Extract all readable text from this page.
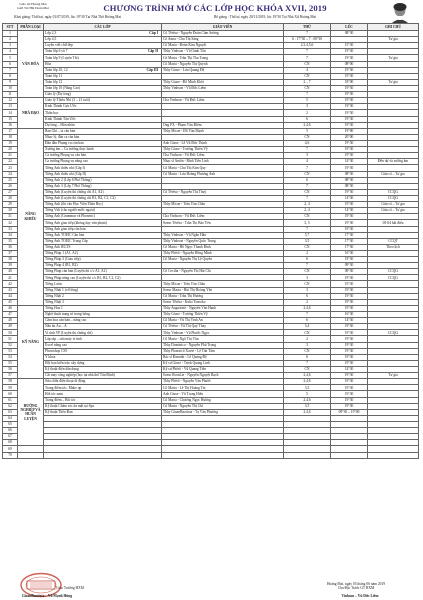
Giáo xứ Hoàng Mai
Giới Trẻ Hải Đoàn Mai	CHƯƠNG TRÌNH MỞ CÁC LỚP HỌC KHÓA XVII, 2019
Khai giảng: Thứ hai, ngày 01/07/2019, lúc 19°30 Tại Nhà Thờ Hoàng Mai	Bế giảng : Thứ tư, ngày 20/11/2019, lúc 19°30 Tại Nhà Xứ Hoàng Mai
STT	PHÂN LOẠI	CÁC LỚP	GIÁO VIÊN	THỨ	LÚC	GHI CHÚ
1	VĂN HÓA	Lớp 2,3 Cấp I	Cô Têrêsa - Nguyễn Đoàn Cẩm Sương	7	08°30	
2		Lớp 4,5	Cô Anna - Chu Thị Sáng	6 : 17°30 – 7 : 08°30		Tư gia
3		Luyện viết chữ đẹp	Cô Maria - Đoàn Kim Nguyệt	2,3,4,5,6	15°30	
4		Toán lớp 6 và 7 Cấp II	Thầy Vinhson - Vũ Oanh Tôn	7	19°30	
5		Toán lớp 9 (Luyện Thi)	Cô Maria - Trần Thị Thu Trang	7	19°30	Tư gia
6		Hóa	Cô Maria - Nguyễn Thị Quỳnh	CN	08°00	
7		Toán lớp 10, 12 Cấp III	Thầy Giuse - Lưu Quang Đệ	4	19°30	
8		Toán lớp 11		CN	19°30	
9		Toán lớp 12	Thầy Giuse - Đỗ Minh Khôi	2 – 7	18°00	Tư gia
10		Toán lớp 10 (Nâng Cao)	Thầy Vinhson - Vũ Đức Liêm	CN	19°30	
11		Giáo lý (Dự tòng)		7	19°30	
12	NHÀ ĐẠO	Giáo lý Thiếu Nhi (3 – 21 tuổi)	Cha Vinhson - Vũ Đức Liêm	5	19°30	
13		Kinh Thánh Cựu Ước		3	19°30	
14		Thần học		2	19°30	
15		Kinh Thánh Tân Ước		6	19°30	
16		Dự tòng – Hôn nhân	Ông FX - Phạm Văn Điểm	2,4,6	19°30	
17	NĂNG KHIẾU	Ban Ghi – ta căn bản	Thầy Micae - Đỗ Văn Mạnh	5	19°00	
18		Nhạc lý, đàn ca căn bản		CN	20°00	
19		Đàn đàn Phụng vụ căn bản	Anh Giuse - Lê Vũ Đức Thịnh	4,6	19°30	
20		Xướng âm – Ca trưởng thực hành	Thầy Giuse - Trương Thiên Vỹ	7	19°30	
21		Ca trưởng Phụng vụ căn bản	Cha Vinhson - Vũ Đức Liêm	3	19°30	
22		Ca trưởng Phụng vụ nâng cao	Nhạc sĩ Antôn - Bình Tiến Linh	4	14°30	Đến dự và xướng âm
23		Tiếng Anh thiếu nhi (Cấp I)	Cô Maria - Chu Thị Kim Quy	7	19°30	
24		Tiếng Anh thiếu nhi (Cấp II)	Cô Maria - Lưu Hoàng Phương Anh	CN	08°30	Giáo sĩ – Tư gia
25		Tiếng Anh 2 (Lớp 6 Phổ Thông)		6	08°30	
26		Tiếng Anh 3 (Lớp 7 Phổ Thông)		7	08°30	
27		Tiếng Anh (Luyện thi chứng chỉ A1, A2)	Cô Têrêsa - Nguyễn Thị Thuý	CN	19°30	CCQG
28		Tiếng Anh (Luyện thi chứng chỉ B1, B2, C1, C2)		7	14°30	CCQG
29		Tiếng Anh (thi vào Học Viện Thần Học)	Thầy Micae - Trần Văn Châu	2, 4	19°30	Giáo sĩ – Tư gia
30		Tiếng Việt (cho người nước ngoài)		2, 4	14°30	Giáo sĩ – Tư gia
31		Tiếng Anh (Grammar và Phonetic)	Cha Vinhson - Vũ Đức Liêm	CN	19°30	
32		Tiếng Anh giao tiếp (không dạy văn phạm)	Soeur Têrêsa - Trần Thị Bảo Yến	3, 5	19°30	05-04 bất điểu
33		Tiếng Anh giao tiếp căn bản		7	19°30	
34		Tiếng Anh TOEIC Căn bản	Thầy Vinhson - Vũ Ngân Hân	5,7	17°30	
35		Tiếng Anh TOEIC Trung Cấp	Thầy Vinhson - Nguyễn Quốc Trung	3,5	17°30	CCQT
36		Tiếng Anh IELTS	Cô Maria - Hồ Ngọc Thanh Bình	CN	17°30	Theo lịch
37		Tiếng Pháp 1 (A1, A2)	Thầy Phêrô - Nguyễn Hồng Minh	2	16°30	
38		Tiếng Pháp 3 (Giao tiếp)	Cô Maria - Nguyễn Thị Lệ Quyên	6	19°30	
39		Tiếng Pháp 4 (B1, B2)		7	09°30	
40		Tiếng Pháp căn bản (Luyện thi c/c A1, A2)	Cô Cecilia - Nguyễn Thị Hải Chi	CN	09°30	CCQG
41		Tiếng Pháp nâng cao (Luyện thi c/c B1, B2, C1, C2)		3	19°30	CCQG
42		Tiếng Latin	Thầy Micae - Trần Văn Châu	CN	19°30	
43		Tiếng Nhật 1 (vỡ lòng)	Soeur Maria - Bùi Thị Hoàng Yến	3	19°30	
44		Tiếng Nhật 2	Cô Maria - Trần Thị Hương	6	19°30	
45		Tiếng Nhật 3	Soeur Têrêsa - Kubo Tomoko	2	19°30	
46	KỸ NĂNG	Tiếng Hoa 1	Thầy Augustinô - Nguyễn Văn Hạnh	2,4,6	19°30	
47		Nghệ thuật trang trí trong bông	Thầy Giuse - Trương Thiên Vỹ	7	16°30	
48		Cắm hoa căn bản – nâng cao	Cô Maria - Vũ Thị Vinh An	6	14°30	
49		Nấu ăn Âu – Á	Cô Têrêsa - Vũ Thị Quý Thay	3,4	19°30	
50		Vi tính VP (Luyện thi chứng chỉ)	Thầy Vinhson - Vũ Phước Ngọc	CN	19°30	CCQG
51		Lắp ráp – sửa máy vi tính	Cô Maria - Ngô Thị Vân	2	19°30	
52		Excel nâng cao	Thầy Dominico - Nguyễn Phú Trọng	3	19°30	
53		Photoshop CS5	Thầy Phanxicô Xavie - Lê Tấn Tâm	CN	19°30	
54		Y khoa	Bác sĩ Đaminh - Lê Quang Đệ	6	19°30	
55		Hội họa kiến trúc xây dựng	Kỹ sư Giuse - Trịnh Quang Linh	7	19°30	
56		Kỹ thuật điện dân dụng	Kỹ sư Phêrô - Vũ Quang Tiến	CN	14°30	
57		Cắt may công nghiệp (học tại nhà thờ Tân Định)	Soeur RosaLie - Nguyễn Nguyệt Bạch	2,4,6	19°30	Tư gia
58	HƯỚNG NGHIỆP VÀ HUẤN LUYỆN	Sửa chữa điện thoại di động	Thầy Phêrô - Nguyễn Văn Phước	2,4,6	19°30	
59		Trang điểm tóc, Make up	Cô Maria - Lê Thị Hoàng Tin	3,5	19°30	
60		Hớt tóc nam	Anh Giuse - Vũ Trọng Hiếu	5	19°30	
61		Trang điểm – Bói tóc	Cô Maria - Chương Ngọc Hương	2,4,6	19°30	
62		Kỹ thuật Chăm sóc da mặt tại Spa	Cô Maria - Nguyễn Thị Chí	3,5	19°30	
63		Kỹ thuật Thêu Đan	Thầy GioanBaotixta - Tạ Văn Phương	2,4,6	09°30 – 19°00	
64						
65						
66						
67						
68						
69						
70						
Hoàng Mai, ngày 05 tháng 06 năm 2019
Cha Đặc Trách GT HXM
Giáo Trưởng HXM
GioanBaotixta – Vũ Mạnh Hùng	Vinhson – Vũ Đức Liêm
